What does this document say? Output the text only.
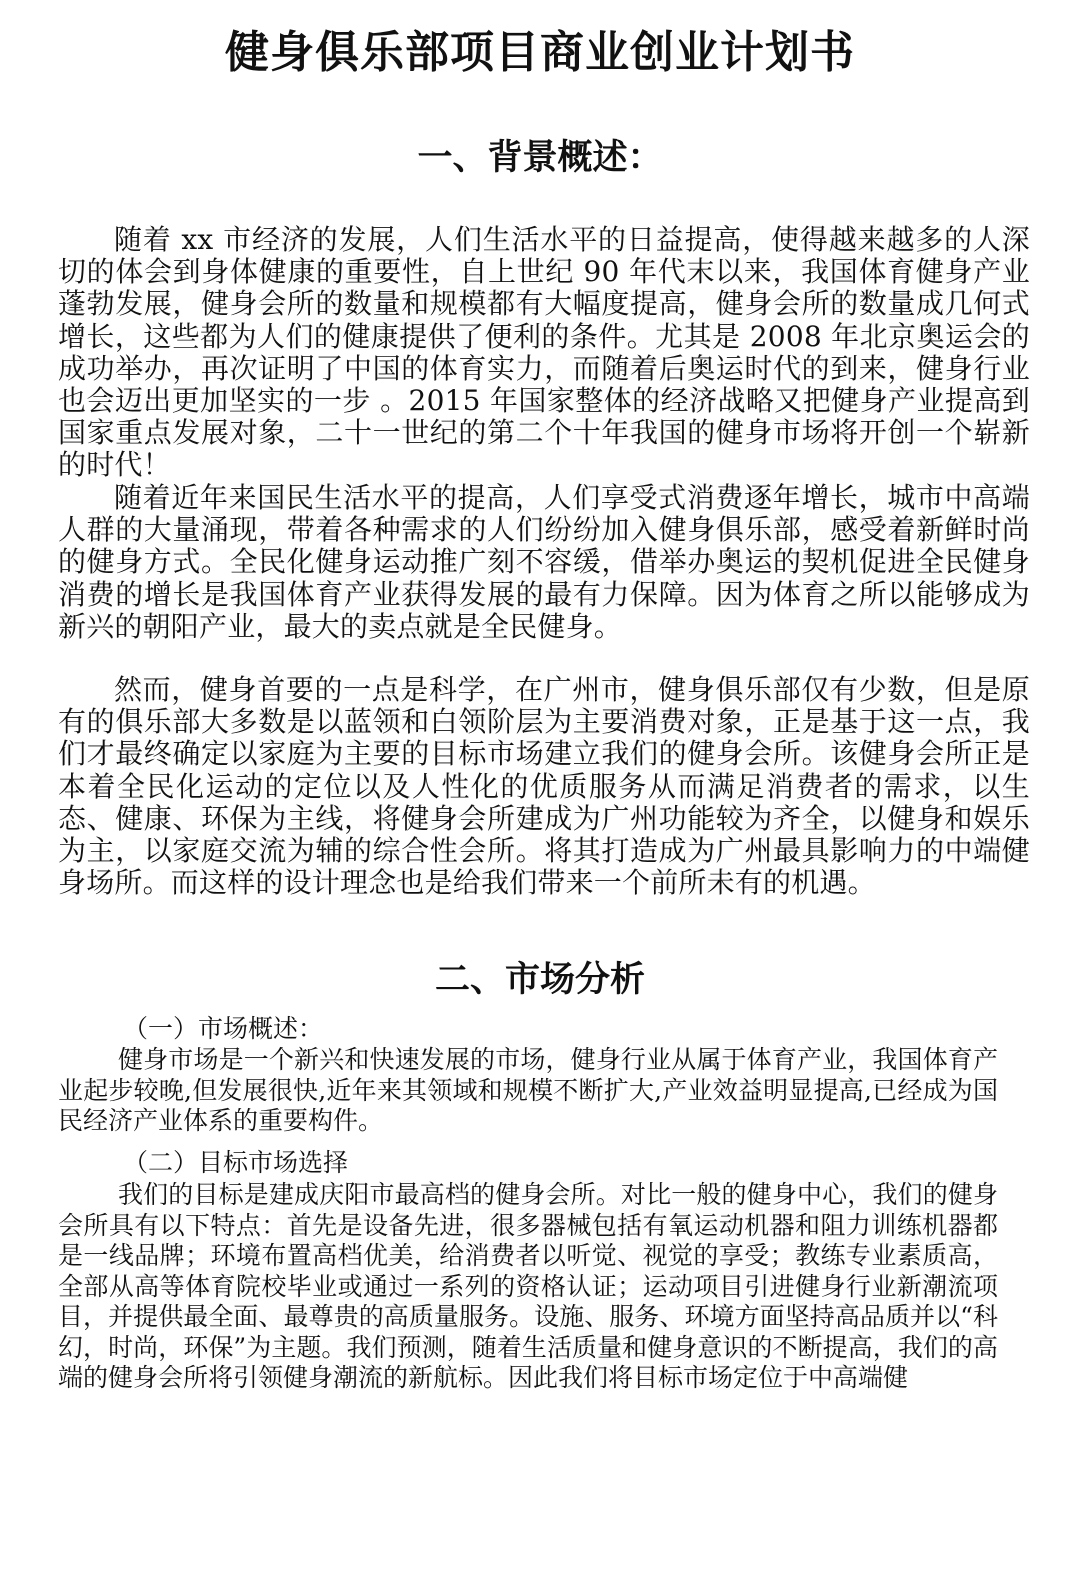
健身俱乐部项目商业创业计划书
一、背景概述：

随着 xx 市经济的发展，人们生活水平的日益提高，使得越来越多的人深切的体会到身体健康的重要性，自上世纪 90 年代末以来，我国体育健身产业蓬勃发展，健身会所的数量和规模都有大幅度提高，健身会所的数量成几何式增长，这些都为人们的健康提供了便利的条件。尤其是 2008 年北京奥运会的成功举办，再次证明了中国的体育实力，而随着后奥运时代的到来，健身行业也会迈出更加坚实的一步 。2015 年国家整体的经济战略又把健身产业提高到国家重点发展对象，二十一世纪的第二个十年我国的健身市场将开创一个崭新的时代！

随着近年来国民生活水平的提高，人们享受式消费逐年增长，城市中高端人群的大量涌现，带着各种需求的人们纷纷加入健身俱乐部，感受着新鲜时尚的健身方式。全民化健身运动推广刻不容缓，借举办奥运的契机促进全民健身消费的增长是我国体育产业获得发展的最有力保障。因为体育之所以能够成为新兴的朝阳产业，最大的卖点就是全民健身。

然而，健身首要的一点是科学，在广州市，健身俱乐部仅有少数，但是原有的俱乐部大多数是以蓝领和白领阶层为主要消费对象，正是基于这一点，我们才最终确定以家庭为主要的目标市场建立我们的健身会所。该健身会所正是本着全民化运动的定位以及人性化的优质服务从而满足消费者的需求，以生态、健康、环保为主线，将健身会所建成为广州功能较为齐全，以健身和娱乐为主，以家庭交流为辅的综合性会所。将其打造成为广州最具影响力的中端健身场所。而这样的设计理念也是给我们带来一个前所未有的机遇。

二、市场分析

（一）市场概述：

健身市场是一个新兴和快速发展的市场，健身行业从属于体育产业，我国体育产业起步较晚,但发展很快,近年来其领域和规模不断扩大,产业效益明显提高,已经成为国民经济产业体系的重要构件。

（二）目标市场选择

我们的目标是建成庆阳市最高档的健身会所。对比一般的健身中心，我们的健身会所具有以下特点：首先是设备先进，很多器械包括有氧运动机器和阻力训练机器都是一线品牌；环境布置高档优美，给消费者以听觉、视觉的享受；教练专业素质高，全部从高等体育院校毕业或通过一系列的资格认证；运动项目引进健身行业新潮流项目，并提供最全面、最尊贵的高质量服务。设施、服务、环境方面坚持高品质并以“科幻，时尚，环保”为主题。我们预测，随着生活质量和健身意识的不断提高，我们的高端的健身会所将引领健身潮流的新航标。因此我们将目标市场定位于中高端健
